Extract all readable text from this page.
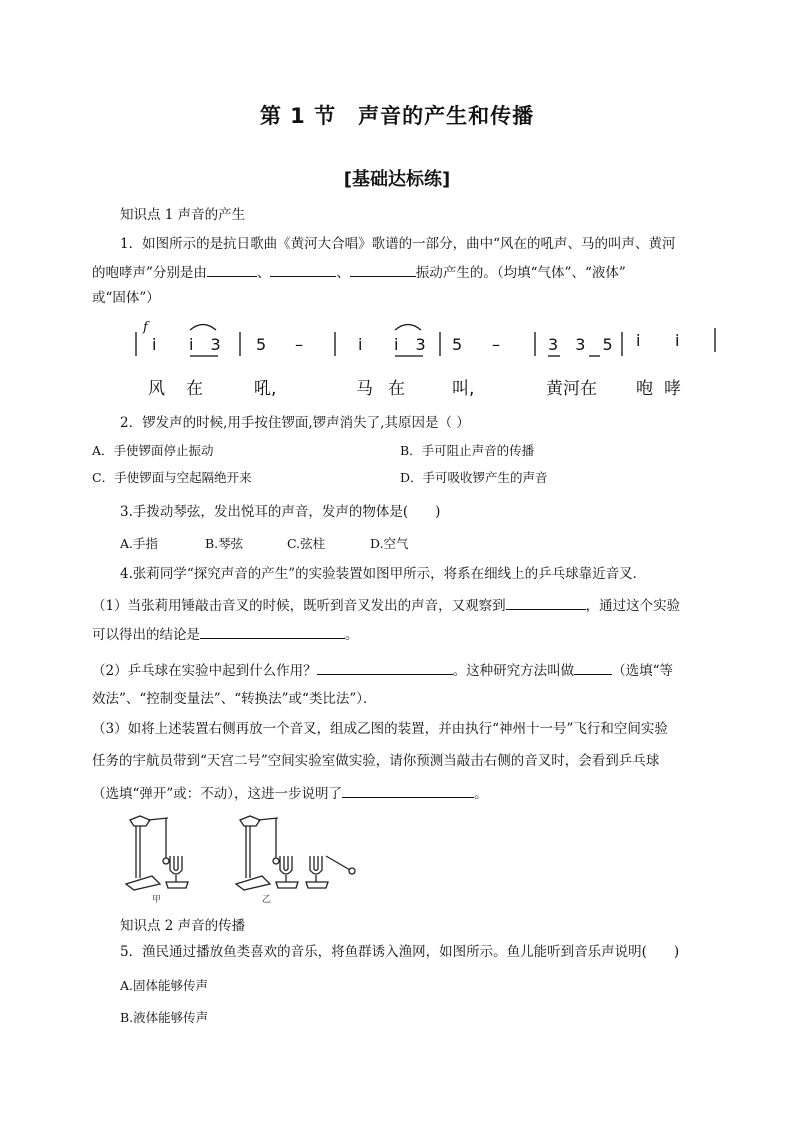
第 1 节　声音的产生和传播
[基础达标练]
知识点 1 声音的产生
1．如图所示的是抗日歌曲《黄河大合唱》歌谱的一部分，曲中“风在的吼声、马的叫声、黄河
的咆哮声”分别是由	、	、	振动产生的。（均填“气体”、“液体”
或“固体”）
f
i i 3 5 –	i i 3 5 –	3 3 5 i i
风 在	吼,	马 在	叫,	黄河在 咆 哮
2．锣发声的时候,用手按住锣面,锣声消失了,其原因是（ ）
A．手使锣面停止振动	B．手可阻止声音的传播
C．手使锣面与空起隔绝开来	D．手可吸收锣产生的声音
3.手拨动琴弦，发出悦耳的声音，发声的物体是(　　)
A.手指	B.琴弦	C.弦柱	D.空气
4.张莉同学“探究声音的产生”的实验装置如图甲所示，将系在细线上的乒乓球靠近音叉．
（1）当张莉用锤敲击音叉的时候，既听到音叉发出的声音，又观察到	，通过这个实验
可以得出的结论是	。
（2）乒乓球在实验中起到什么作用？	。这种研究方法叫做	（选填“等
效法”、“控制变量法”、“转换法”或“类比法”）．
（3）如将上述装置右侧再放一个音叉，组成乙图的装置，并由执行“神州十一号”飞行和空间实验
任务的宇航员带到“天宫二号”空间实验室做实验，请你预测当敲击右侧的音叉时，会看到乒乓球
（选填“弹开”或：不动），这进一步说明了	。
甲	乙
知识点 2 声音的传播
5．渔民通过播放鱼类喜欢的音乐，将鱼群诱入渔网，如图所示。鱼儿能听到音乐声说明(　　)
A.固体能够传声
B.液体能够传声
